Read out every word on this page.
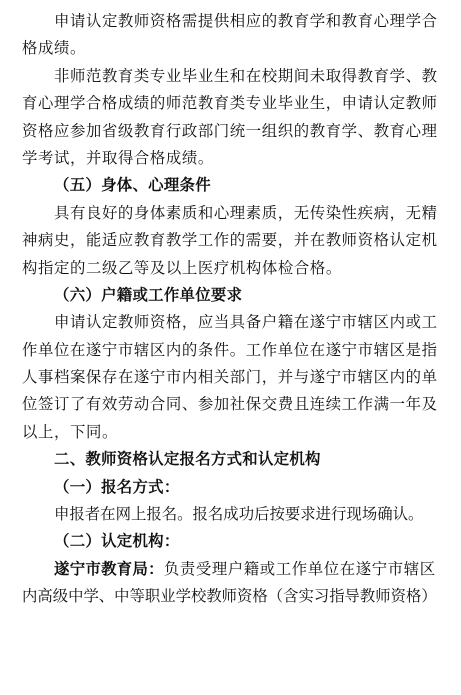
申请认定教师资格需提供相应的教育学和教育心理学合
格成绩。
非师范教育类专业毕业生和在校期间未取得教育学、教
育心理学合格成绩的师范教育类专业毕业生，申请认定教师
资格应参加省级教育行政部门统一组织的教育学、教育心理
学考试，并取得合格成绩。
（五）身体、心理条件
具有良好的身体素质和心理素质，无传染性疾病，无精
神病史，能适应教育教学工作的需要，并在教师资格认定机
构指定的二级乙等及以上医疗机构体检合格。
（六）户籍或工作单位要求
申请认定教师资格，应当具备户籍在遂宁市辖区内或工
作单位在遂宁市辖区内的条件。工作单位在遂宁市辖区是指
人事档案保存在遂宁市内相关部门，并与遂宁市辖区内的单
位签订了有效劳动合同、参加社保交费且连续工作满一年及
以上，下同。
二、教师资格认定报名方式和认定机构
（一）报名方式：
申报者在网上报名。报名成功后按要求进行现场确认。
（二）认定机构：
遂宁市教育局：负责受理户籍或工作单位在遂宁市辖区
内高级中学、中等职业学校教师资格（含实习指导教师资格）
